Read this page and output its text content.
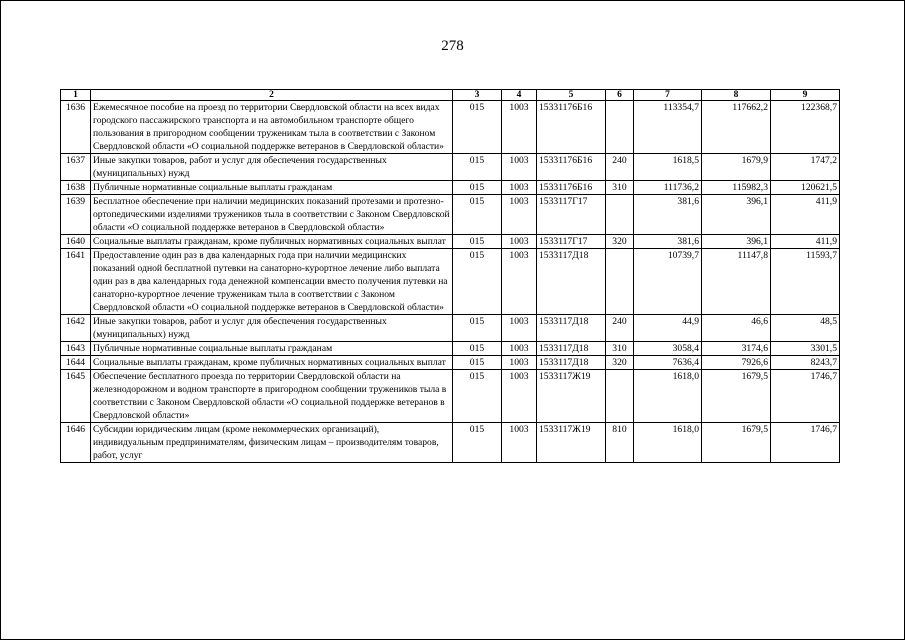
278
1	2	3	4	5	6	7	8	9
1636	Ежемесячное пособие на проезд по территории Свердловской области на всех видах городского пассажирского транспорта и на автомобильном транспорте общего пользования в пригородном сообщении труженикам тыла в соответствии с Законом Свердловской области «О социальной поддержке ветеранов в Свердловской области»	015	1003	15331176Б16		113354,7	117662,2	122368,7
1637	Иные закупки товаров, работ и услуг для обеспечения государственных (муниципальных) нужд	015	1003	15331176Б16	240	1618,5	1679,9	1747,2
1638	Публичные нормативные социальные выплаты гражданам	015	1003	15331176Б16	310	111736,2	115982,3	120621,5
1639	Бесплатное обеспечение при наличии медицинских показаний протезами и протезно-ортопедическими изделиями тружеников тыла в соответствии с Законом Свердловской области «О социальной поддержке ветеранов в Свердловской области»	015	1003	1533117Г17		381,6	396,1	411,9
1640	Социальные выплаты гражданам, кроме публичных нормативных социальных выплат	015	1003	1533117Г17	320	381,6	396,1	411,9
1641	Предоставление один раз в два календарных года при наличии медицинских показаний одной бесплатной путевки на санаторно-курортное лечение либо выплата один раз в два календарных года денежной компенсации вместо получения путевки на санаторно-курортное лечение труженикам тыла в соответствии с Законом Свердловской области «О социальной поддержке ветеранов в Свердловской области»	015	1003	1533117Д18		10739,7	11147,8	11593,7
1642	Иные закупки товаров, работ и услуг для обеспечения государственных (муниципальных) нужд	015	1003	1533117Д18	240	44,9	46,6	48,5
1643	Публичные нормативные социальные выплаты гражданам	015	1003	1533117Д18	310	3058,4	3174,6	3301,5
1644	Социальные выплаты гражданам, кроме публичных нормативных социальных выплат	015	1003	1533117Д18	320	7636,4	7926,6	8243,7
1645	Обеспечение бесплатного проезда по территории Свердловской области на железнодорожном и водном транспорте в пригородном сообщении тружеников тыла в соответствии с Законом Свердловской области «О социальной поддержке ветеранов в Свердловской области»	015	1003	1533117Ж19		1618,0	1679,5	1746,7
1646	Субсидии юридическим лицам (кроме некоммерческих организаций), индивидуальным предпринимателям, физическим лицам – производителям товаров, работ, услуг	015	1003	1533117Ж19	810	1618,0	1679,5	1746,7
